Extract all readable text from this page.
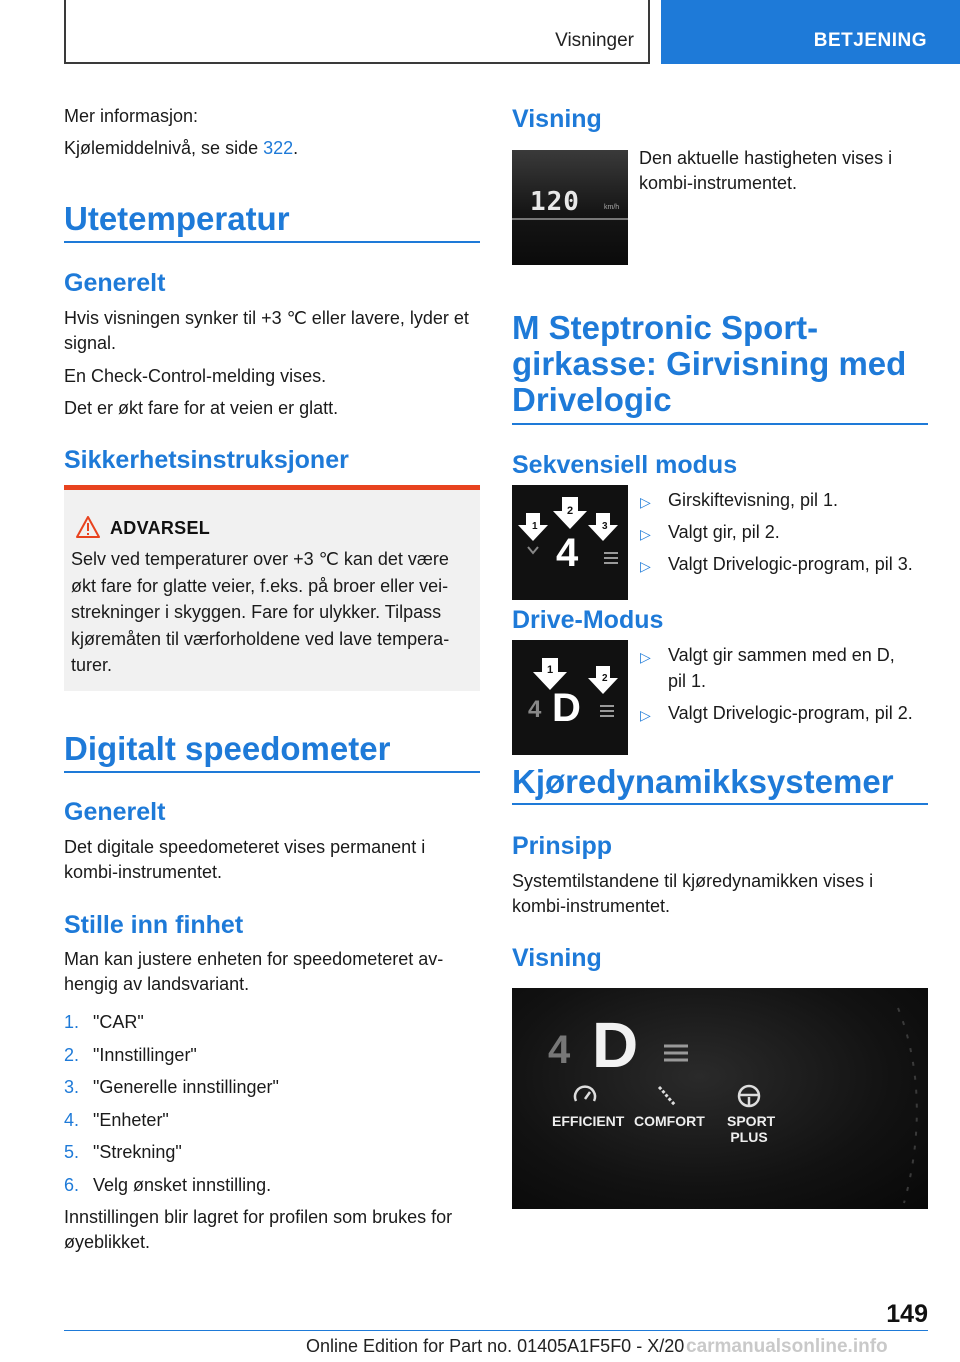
Visninger	BETJENING

Mer informasjon:

Kjølemiddelnivå, se side 322.

Utetemperatur
Generelt

Hvis visningen synker til +3 ℃ eller lavere, lyder et signal.

En Check-Control-melding vises.

Det er økt fare for at veien er glatt.

Sikkerhetsinstruksjoner
ADVARSEL
Selv ved temperaturer over +3 ℃ kan det være økt fare for glatte veier, f.eks. på broer eller veistrekninger i skyggen. Fare for ulykker. Tilpass kjøremåten til værforholdene ved lave temperaturer.
Digitalt speedometer
Generelt

Det digitale speedometeret vises permanent i kombi-instrumentet.

Stille inn finhet

Man kan justere enheten for speedometeret avhengig av landsvariant.

1. "CAR"
2. "Innstillinger"
3. "Generelle innstillinger"
4. "Enheter"
5. "Strekning"
6. Velg ønsket innstilling.

Innstillingen blir lagret for profilen som brukes for øyeblikket.

Visning
120	km/h

Den aktuelle hastigheten vises i kombi-instrumentet.

M Steptronic Sportgirkasse: Girvisning med Drivelogic
Sekvensiell modus
1
2
3
4
▷ Girskiftevisning, pil 1.
▷ Valgt gir, pil 2.
▷ Valgt Drivelogic-program, pil 3.
Drive-Modus
1
2
4 D
▷ Valgt gir sammen med en D,
pil 1.
▷ Valgt Drivelogic-program, pil 2.
Kjøredynamikksystemer
Prinsipp

Systemtilstandene til kjøredynamikken vises i kombi-instrumentet.

Visning
4 D
EFFICIENT COMFORT SPORT PLUS
149
Online Edition for Part no. 01405A1F5F0 - X/20 carmanualsonline.info
